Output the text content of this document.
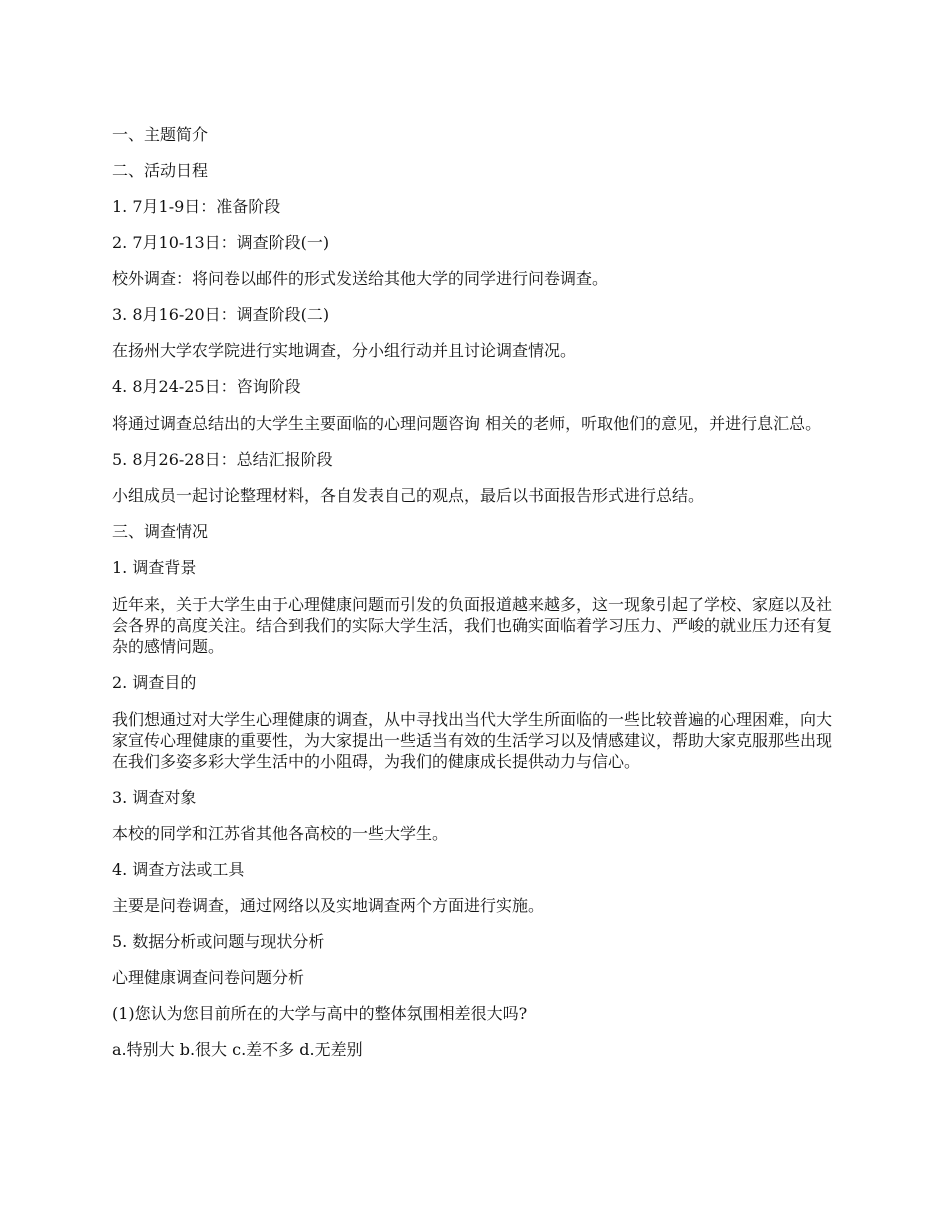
一、主题简介

二、活动日程

1. 7月1-9日：准备阶段

2. 7月10-13日：调查阶段(一)

校外调查：将问卷以邮件的形式发送给其他大学的同学进行问卷调查。

3. 8月16-20日：调查阶段(二)

在扬州大学农学院进行实地调查，分小组行动并且讨论调查情况。

4. 8月24-25日：咨询阶段

将通过调查总结出的大学生主要面临的心理问题咨询 相关的老师，听取他们的意见，并进行息汇总。

5. 8月26-28日：总结汇报阶段

小组成员一起讨论整理材料，各自发表自己的观点，最后以书面报告形式进行总结。

三、调查情况

1. 调查背景

近年来，关于大学生由于心理健康问题而引发的负面报道越来越多，这一现象引起了学校、家庭以及社会各界的高度关注。结合到我们的实际大学生活，我们也确实面临着学习压力、严峻的就业压力还有复杂的感情问题。

2. 调查目的

我们想通过对大学生心理健康的调查，从中寻找出当代大学生所面临的一些比较普遍的心理困难，向大家宣传心理健康的重要性，为大家提出一些适当有效的生活学习以及情感建议，帮助大家克服那些出现在我们多姿多彩大学生活中的小阻碍，为我们的健康成长提供动力与信心。

3. 调查对象

本校的同学和江苏省其他各高校的一些大学生。

4. 调查方法或工具

主要是问卷调查，通过网络以及实地调查两个方面进行实施。

5. 数据分析或问题与现状分析

心理健康调查问卷问题分析

(1)您认为您目前所在的大学与高中的整体氛围相差很大吗?

a.特别大 b.很大 c.差不多 d.无差别
